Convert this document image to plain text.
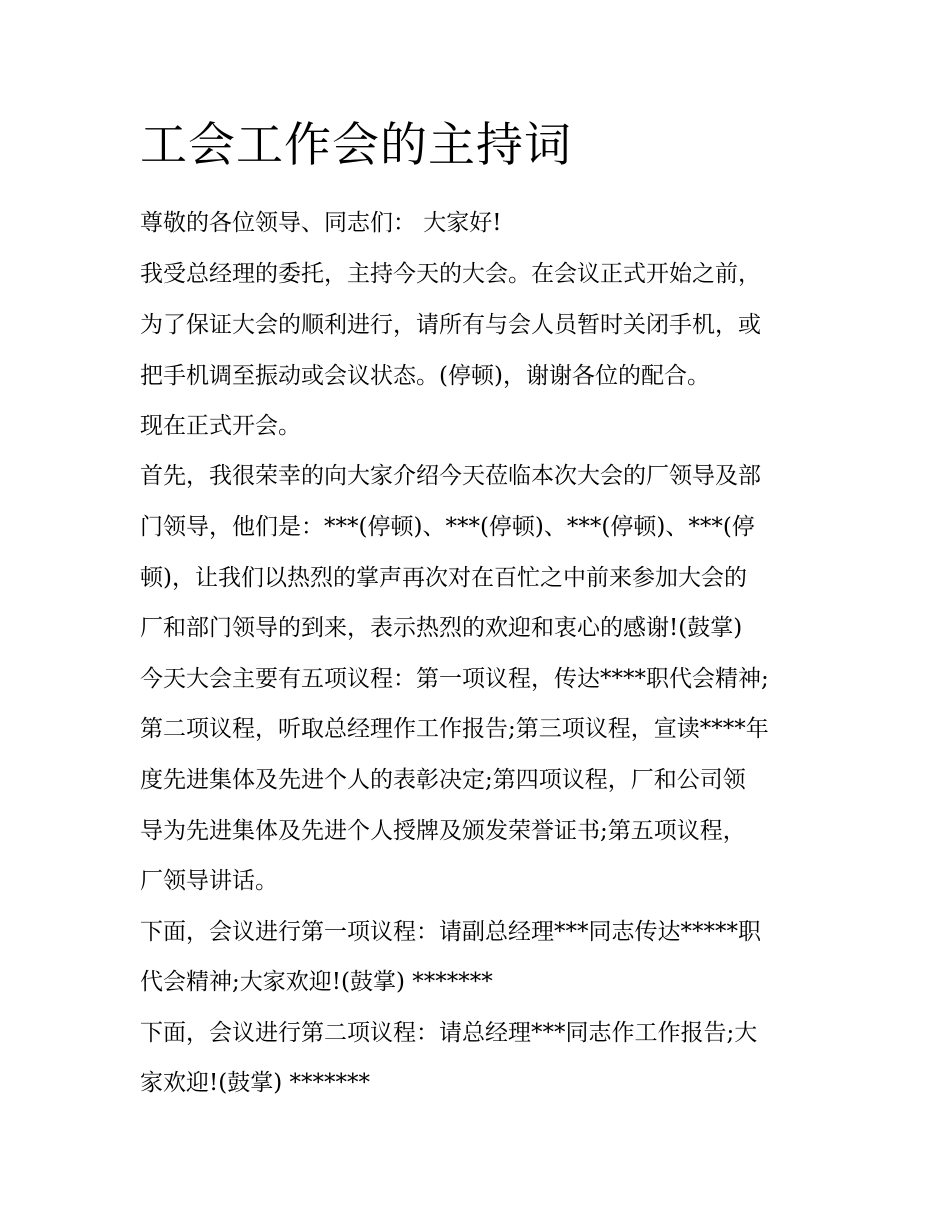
工会工作会的主持词

尊敬的各位领导、同志们： 大家好!

我受总经理的委托，主持今天的大会。在会议正式开始之前，

为了保证大会的顺利进行，请所有与会人员暂时关闭手机，或

把手机调至振动或会议状态。(停顿)，谢谢各位的配合。

现在正式开会。

首先，我很荣幸的向大家介绍今天莅临本次大会的厂领导及部

门领导，他们是：***(停顿)、***(停顿)、***(停顿)、***(停

顿)，让我们以热烈的掌声再次对在百忙之中前来参加大会的

厂和部门领导的到来，表示热烈的欢迎和衷心的感谢!(鼓掌)

今天大会主要有五项议程：第一项议程，传达****职代会精神;

第二项议程，听取总经理作工作报告;第三项议程，宣读****年

度先进集体及先进个人的表彰决定;第四项议程，厂和公司领

导为先进集体及先进个人授牌及颁发荣誉证书;第五项议程，

厂领导讲话。

下面，会议进行第一项议程：请副总经理***同志传达*****职

代会精神;大家欢迎!(鼓掌) *******

下面，会议进行第二项议程：请总经理***同志作工作报告;大

家欢迎!(鼓掌) *******
